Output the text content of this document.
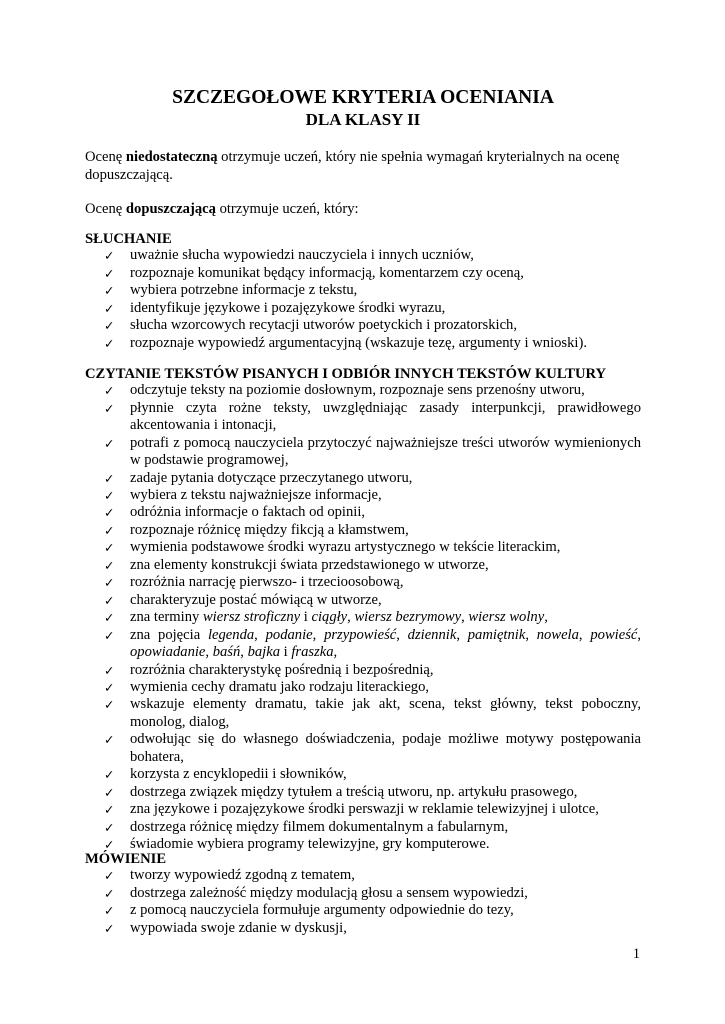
SZCZEGOŁOWE KRYTERIA OCENIANIA
DLA KLASY II

Ocenę niedostateczną otrzymuje uczeń, który nie spełnia wymagań kryterialnych na ocenę dopuszczającą.

Ocenę dopuszczającą otrzymuje uczeń, który:

SŁUCHANIE
✓
uważnie słucha wypowiedzi nauczyciela i innych uczniów,
✓
rozpoznaje komunikat będący informacją, komentarzem czy oceną,
✓
wybiera potrzebne informacje z tekstu,
✓
identyfikuje językowe i pozajęzykowe środki wyrazu,
✓
słucha wzorcowych recytacji utworów poetyckich i prozatorskich,
✓
rozpoznaje wypowiedź argumentacyjną (wskazuje tezę, argumenty i wnioski).
CZYTANIE TEKSTÓW PISANYCH I ODBIÓR INNYCH TEKSTÓW KULTURY
✓
odczytuje teksty na poziomie dosłownym, rozpoznaje sens przenośny utworu,
✓
płynnie czyta rożne teksty, uwzględniając zasady interpunkcji, prawidłowego akcentowania i intonacji,
✓
potrafi z pomocą nauczyciela przytoczyć najważniejsze treści utworów wymienionych w podstawie programowej,
✓
zadaje pytania dotyczące przeczytanego utworu,
✓
wybiera z tekstu najważniejsze informacje,
✓
odróżnia informacje o faktach od opinii,
✓
rozpoznaje różnicę między fikcją a kłamstwem,
✓
wymienia podstawowe środki wyrazu artystycznego w tekście literackim,
✓
zna elementy konstrukcji świata przedstawionego w utworze,
✓
rozróżnia narrację pierwszo- i trzecioosobową,
✓
charakteryzuje postać mówiącą w utworze,
✓
zna terminy wiersz stroficzny i ciągły, wiersz bezrymowy, wiersz wolny,
✓
zna pojęcia legenda, podanie, przypowieść, dziennik, pamiętnik, nowela, powieść, opowiadanie, baśń, bajka i fraszka,
✓
rozróżnia charakterystykę pośrednią i bezpośrednią,
✓
wymienia cechy dramatu jako rodzaju literackiego,
✓
wskazuje elementy dramatu, takie jak akt, scena, tekst główny, tekst poboczny, monolog, dialog,
✓
odwołując się do własnego doświadczenia, podaje możliwe motywy postępowania bohatera,
✓
korzysta z encyklopedii i słowników,
✓
dostrzega związek między tytułem a treścią utworu, np. artykułu prasowego,
✓
zna językowe i pozajęzykowe środki perswazji w reklamie telewizyjnej i ulotce,
✓
dostrzega różnicę między filmem dokumentalnym a fabularnym,
✓
świadomie wybiera programy telewizyjne, gry komputerowe.
MÓWIENIE
✓
tworzy wypowiedź zgodną z tematem,
✓
dostrzega zależność między modulacją głosu a sensem wypowiedzi,
✓
z pomocą nauczyciela formułuje argumenty odpowiednie do tezy,
✓
wypowiada swoje zdanie w dyskusji,
1
